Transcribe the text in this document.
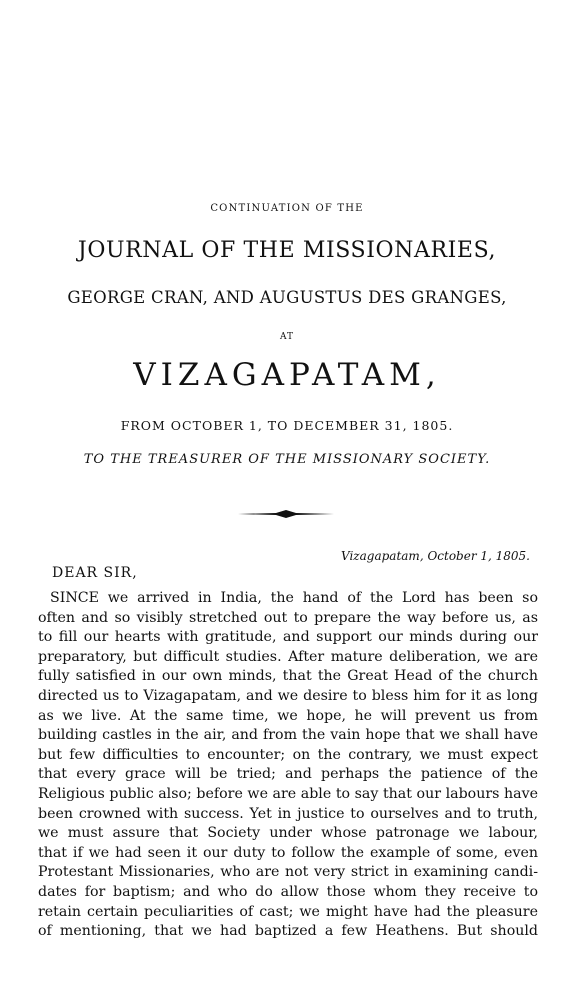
CONTINUATION OF THE
JOURNAL OF THE MISSIONARIES,
GEORGE CRAN, AND AUGUSTUS DES GRANGES,
AT
VIZAGAPATAM,
FROM OCTOBER 1, TO DECEMBER 31, 1805.
TO THE TREASURER OF THE MISSIONARY SOCIETY.
Vizagapatam, October 1, 1805.
DEAR SIR,
SINCE we arrived in India, the hand of the Lord has been so
often and so visibly stretched out to prepare the way before us, as
to fill our hearts with gratitude, and support our minds during our
preparatory, but difficult studies. After mature deliberation, we are
fully satisfied in our own minds, that the Great Head of the church
directed us to Vizagapatam, and we desire to bless him for it as long
as we live. At the same time, we hope, he will prevent us from
building castles in the air, and from the vain hope that we shall have
but few difficulties to encounter; on the contrary, we must expect
that every grace will be tried; and perhaps the patience of the
Religious public also; before we are able to say that our labours have
been crowned with success. Yet in justice to ourselves and to truth,
we must assure that Society under whose patronage we labour,
that if we had seen it our duty to follow the example of some, even
Protestant Missionaries, who are not very strict in examining candi-
dates for baptism; and who do allow those whom they receive to
retain certain peculiarities of cast; we might have had the pleasure
of mentioning, that we had baptized a few Heathens. But should
